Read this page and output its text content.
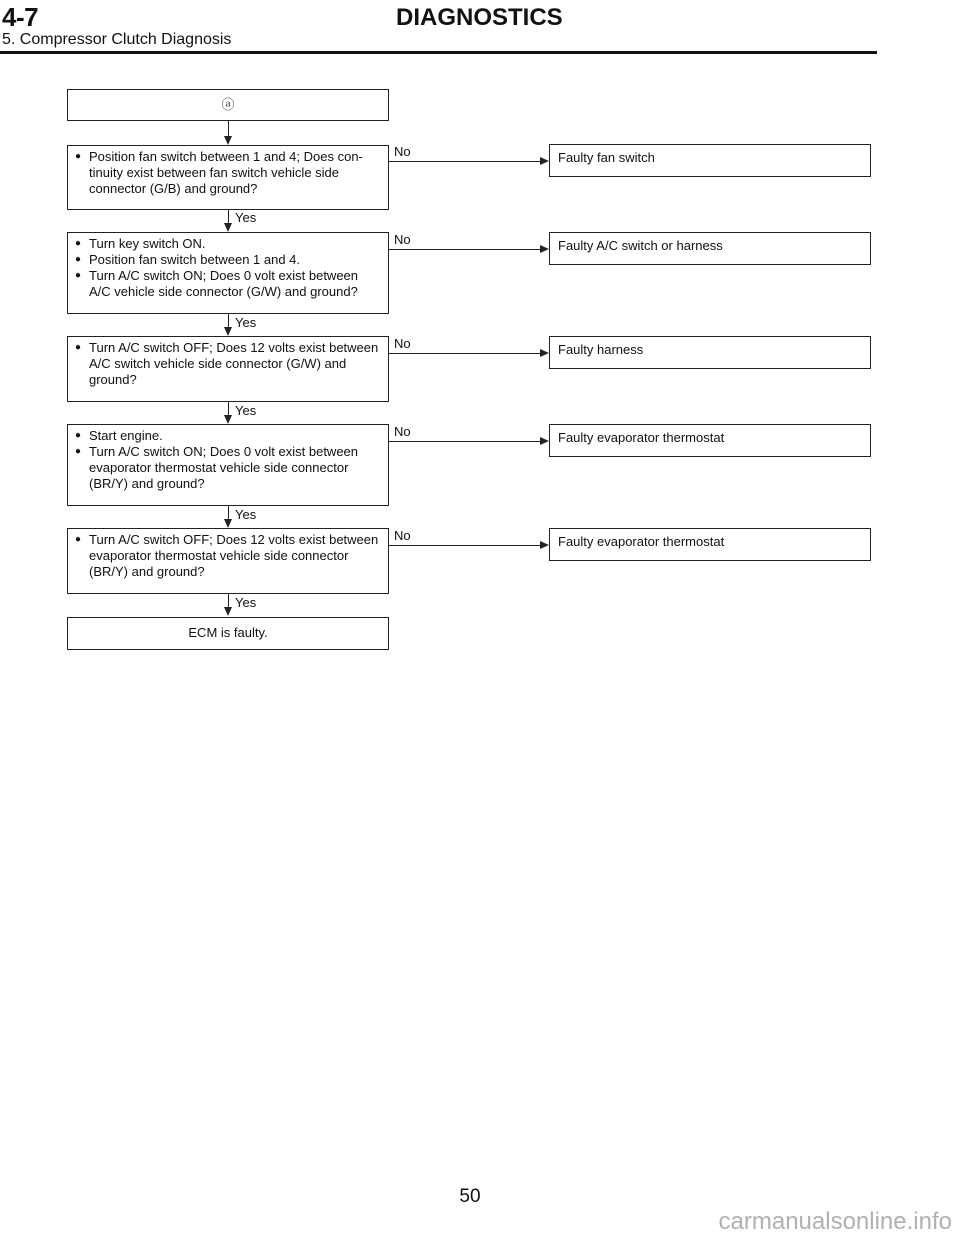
4-7	DIAGNOSTICS
5. Compressor Clutch Diagnosis
ⓐ
● Position fan switch between 1 and 4; Does con- tinuity exist between fan switch vehicle side connector (G/B) and ground?
No	Faulty fan switch
Yes
● Turn key switch ON.
● Position fan switch between 1 and 4.
● Turn A/C switch ON; Does 0 volt exist between A/C vehicle side connector (G/W) and ground?
No	Faulty A/C switch or harness
Yes
● Turn A/C switch OFF; Does 12 volts exist between A/C switch vehicle side connector (G/W) and ground?
No	Faulty harness
Yes
● Start engine.
● Turn A/C switch ON; Does 0 volt exist between evaporator thermostat vehicle side connector (BR/Y) and ground?
No	Faulty evaporator thermostat
Yes
● Turn A/C switch OFF; Does 12 volts exist between evaporator thermostat vehicle side connector (BR/Y) and ground?
No	Faulty evaporator thermostat
Yes
ECM is faulty.
50
carmanualsonline.info
